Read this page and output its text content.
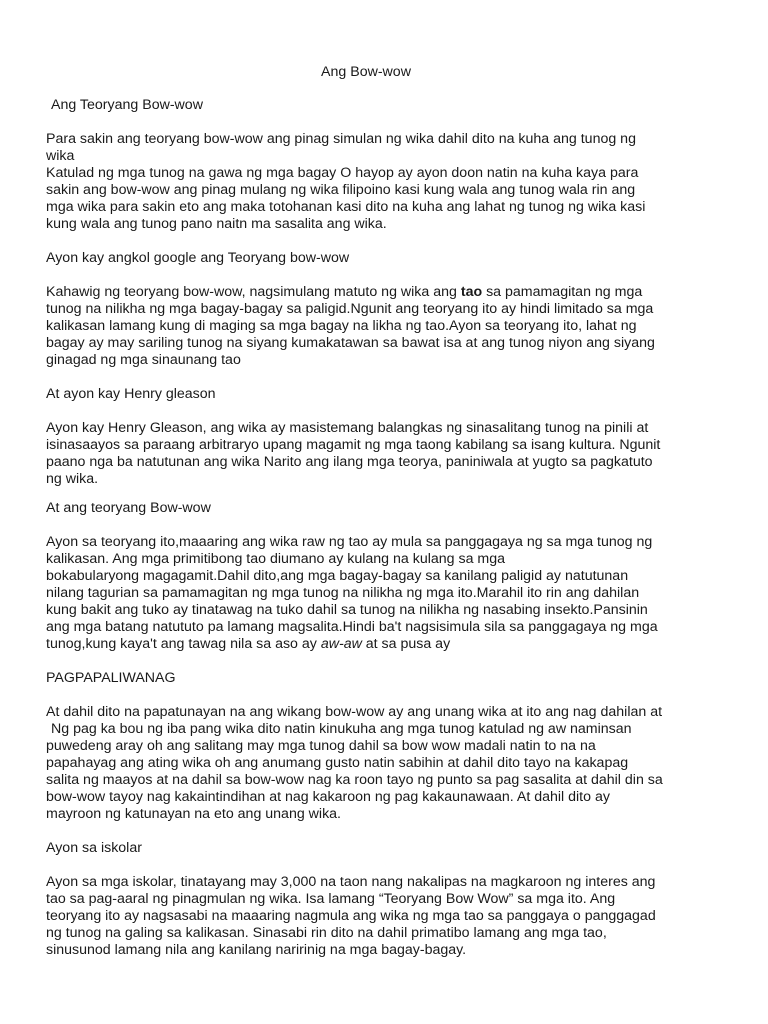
Ang Bow-wow
Ang Teoryang Bow-wow
Para sakin ang teoryang bow-wow ang pinag simulan ng wika dahil dito na kuha ang tunog ng
wika
Katulad ng mga tunog na gawa ng mga bagay O hayop ay ayon doon natin na kuha kaya para
sakin ang bow-wow ang pinag mulang ng wika filipoino kasi kung wala ang tunog wala rin ang
mga wika para sakin eto ang maka totohanan kasi dito na kuha ang lahat ng tunog ng wika kasi
kung wala ang tunog pano naitn ma sasalita ang wika.
Ayon kay angkol google ang Teoryang bow-wow
Kahawig ng teoryang bow-wow, nagsimulang matuto ng wika ang tao sa pamamagitan ng mga
tunog na nilikha ng mga bagay-bagay sa paligid.Ngunit ang teoryang ito ay hindi limitado sa mga
kalikasan lamang kung di maging sa mga bagay na likha ng tao.Ayon sa teoryang ito, lahat ng
bagay ay may sariling tunog na siyang kumakatawan sa bawat isa at ang tunog niyon ang siyang
ginagad ng mga sinaunang tao
At ayon kay Henry gleason
Ayon kay Henry Gleason, ang wika ay masistemang balangkas ng sinasalitang tunog na pinili at
isinasaayos sa paraang arbitraryo upang magamit ng mga taong kabilang sa isang kultura. Ngunit
paano nga ba natutunan ang wika Narito ang ilang mga teorya, paniniwala at yugto sa pagkatuto
ng wika.
At ang teoryang Bow-wow
Ayon sa teoryang ito,maaaring ang wika raw ng tao ay mula sa panggagaya ng sa mga tunog ng
kalikasan. Ang mga primitibong tao diumano ay kulang na kulang sa mga
bokabularyong magagamit.Dahil dito,ang mga bagay-bagay sa kanilang paligid ay natutunan
nilang tagurian sa pamamagitan ng mga tunog na nilikha ng mga ito.Marahil ito rin ang dahilan
kung bakit ang tuko ay tinatawag na tuko dahil sa tunog na nilikha ng nasabing insekto.Pansinin
ang mga batang natututo pa lamang magsalita.Hindi ba't nagsisimula sila sa panggagaya ng mga
tunog,kung kaya't ang tawag nila sa aso ay aw-aw at sa pusa ay
PAGPAPALIWANAG
At dahil dito na papatunayan na ang wikang bow-wow ay ang unang wika at ito ang nag dahilan at
Ng pag ka bou ng iba pang wika dito natin kinukuha ang mga tunog katulad ng aw naminsan
puwedeng aray oh ang salitang may mga tunog dahil sa bow wow madali natin to na na
papahayag ang ating wika oh ang anumang gusto natin sabihin at dahil dito tayo na kakapag
salita ng maayos at na dahil sa bow-wow nag ka roon tayo ng punto sa pag sasalita at dahil din sa
bow-wow tayoy nag kakaintindihan at nag kakaroon ng pag kakaunawaan. At dahil dito ay
mayroon ng katunayan na eto ang unang wika.
Ayon sa iskolar
Ayon sa mga iskolar, tinatayang may 3,000 na taon nang nakalipas na magkaroon ng interes ang
tao sa pag-aaral ng pinagmulan ng wika. Isa lamang “Teoryang Bow Wow” sa mga ito. Ang
teoryang ito ay nagsasabi na maaaring nagmula ang wika ng mga tao sa panggaya o panggagad
ng tunog na galing sa kalikasan. Sinasabi rin dito na dahil primatibo lamang ang mga tao,
sinusunod lamang nila ang kanilang naririnig na mga bagay-bagay.
